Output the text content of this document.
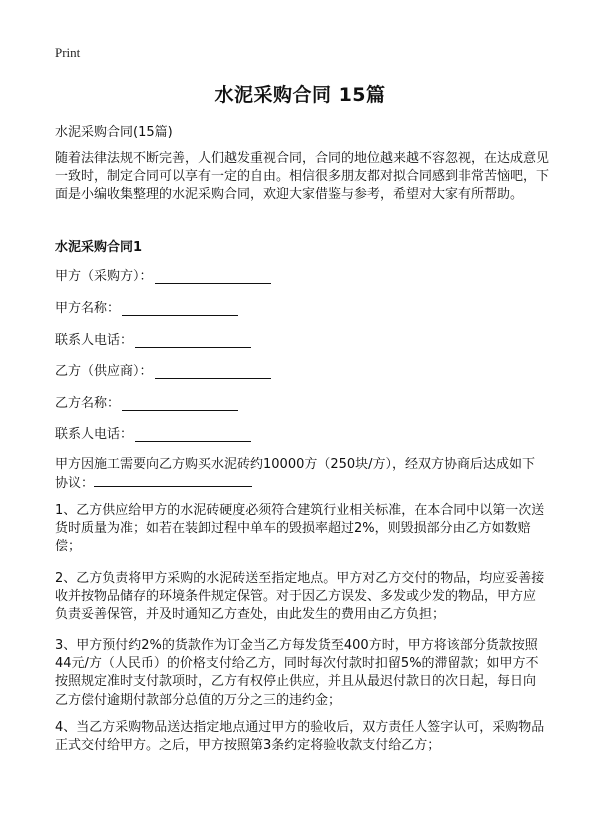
Print
水泥采购合同 15篇
水泥采购合同(15篇)

随着法律法规不断完善，人们越发重视合同，合同的地位越来越不容忽视，在达成意见一致时，制定合同可以享有一定的自由。相信很多朋友都对拟合同感到非常苦恼吧，下面是小编收集整理的水泥采购合同，欢迎大家借鉴与参考，希望对大家有所帮助。

水泥采购合同1
甲方（采购方）：
甲方名称：
联系人电话：
乙方（供应商）：
乙方名称：
联系人电话：

甲方因施工需要向乙方购买水泥砖约10000方（250块/方），经双方协商后达成如下协议：

1、乙方供应给甲方的水泥砖硬度必须符合建筑行业相关标准，在本合同中以第一次送货时质量为准；如若在装卸过程中单车的毁损率超过2%，则毁损部分由乙方如数赔偿；

2、乙方负责将甲方采购的水泥砖送至指定地点。甲方对乙方交付的物品，均应妥善接收并按物品储存的环境条件规定保管。对于因乙方误发、多发或少发的物品，甲方应负责妥善保管，并及时通知乙方查处，由此发生的费用由乙方负担；

3、甲方预付约2%的货款作为订金当乙方每发货至400方时，甲方将该部分货款按照44元/方（人民币）的价格支付给乙方，同时每次付款时扣留5%的滞留款；如甲方不按照规定准时支付款项时，乙方有权停止供应，并且从最迟付款日的次日起，每日向乙方偿付逾期付款部分总值的万分之三的违约金；

4、当乙方采购物品送达指定地点通过甲方的验收后，双方责任人签字认可，采购物品正式交付给甲方。之后，甲方按照第3条约定将验收款支付给乙方；
